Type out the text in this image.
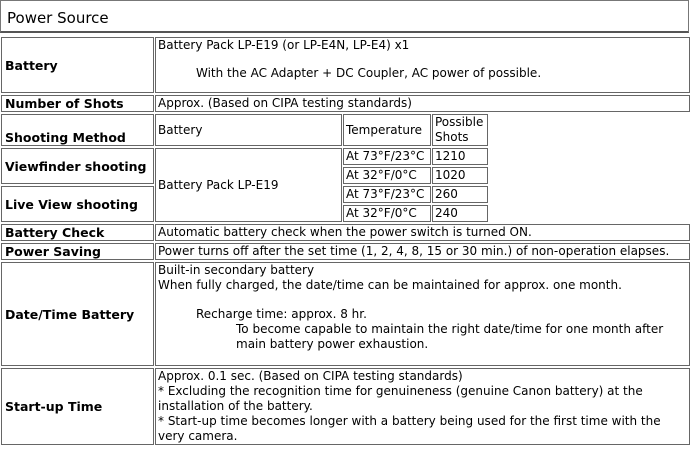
Power Source
Battery	Battery Pack LP-E19 (or LP-E4N, LP-E4) x1
With the AC Adapter + DC Coupler, AC power of possible.			

Number of Shots	Approx. (Based on CIPA testing standards)			
Shooting Method	Battery	Temperature	Possible Shots	
Viewfinder shooting	Battery Pack LP-E19	At 73°F/23°C	1210	
		At 32°F/0°C	1020	
Live View shooting		At 73°F/23°C	260	
		At 32°F/0°C	240	
Battery Check	Automatic battery check when the power switch is turned ON.			
Power Saving	Power turns off after the set time (1, 2, 4, 8, 15 or 30 min.) of non-operation elapses.			
Date/Time Battery	Built-in secondary battery
When fully charged, the date/time can be maintained for approx. one month.
Recharge time: approx. 8 hr.
To become capable to maintain the right date/time for one month after main battery power exhaustion.			

Start-up Time	Approx. 0.1 sec. (Based on CIPA testing standards)
* Excluding the recognition time for genuineness (genuine Canon battery) at the installation of the battery.
* Start-up time becomes longer with a battery being used for the first time with the very camera.			
